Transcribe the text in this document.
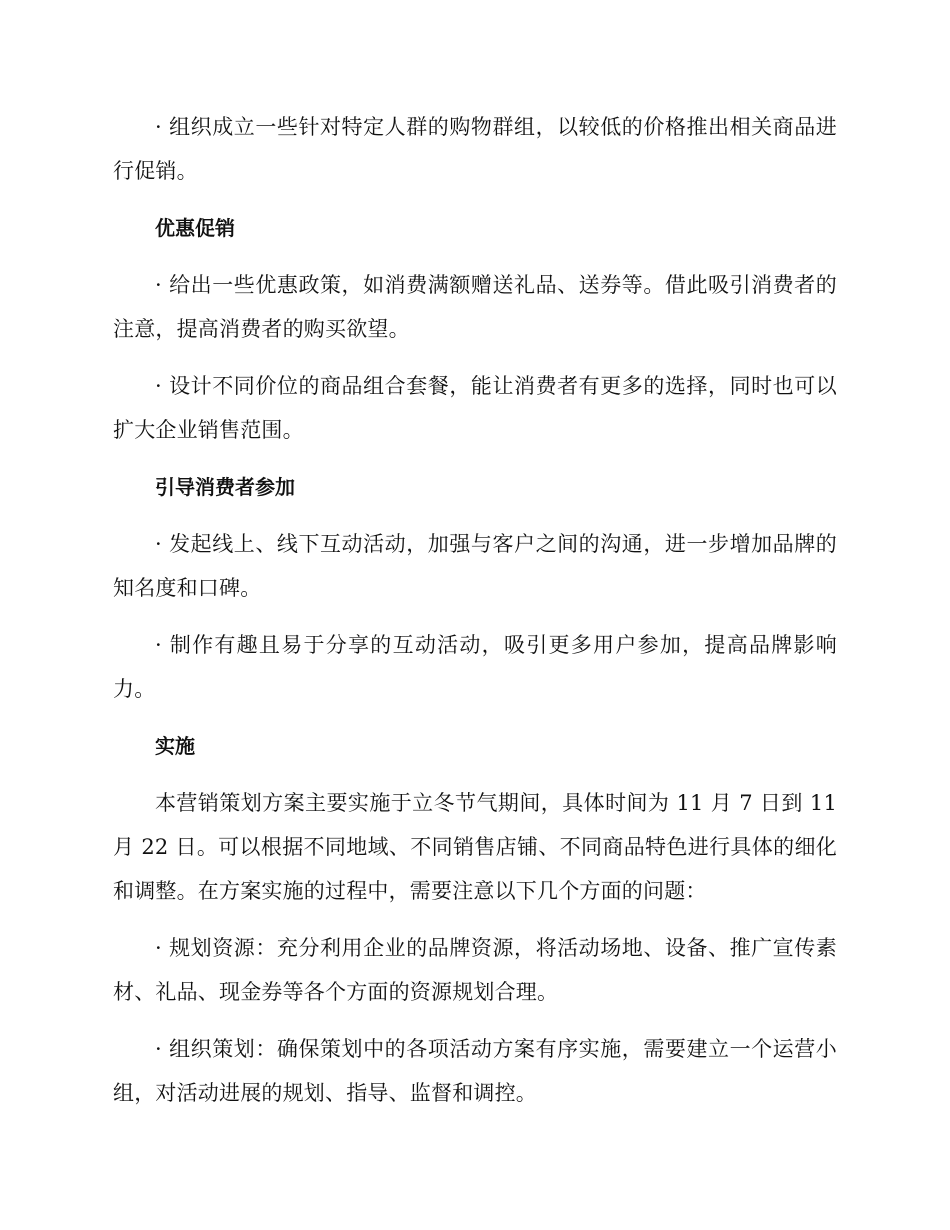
· 组织成立一些针对特定人群的购物群组，以较低的价格推出相关商品进行促销。

优惠促销

· 给出一些优惠政策，如消费满额赠送礼品、送券等。借此吸引消费者的注意，提高消费者的购买欲望。

· 设计不同价位的商品组合套餐，能让消费者有更多的选择，同时也可以扩大企业销售范围。

引导消费者参加

· 发起线上、线下互动活动，加强与客户之间的沟通，进一步增加品牌的知名度和口碑。

· 制作有趣且易于分享的互动活动，吸引更多用户参加，提高品牌影响力。

实施

本营销策划方案主要实施于立冬节气期间，具体时间为 11 月 7 日到 11 月 22 日。可以根据不同地域、不同销售店铺、不同商品特色进行具体的细化和调整。在方案实施的过程中，需要注意以下几个方面的问题：

· 规划资源：充分利用企业的品牌资源，将活动场地、设备、推广宣传素材、礼品、现金券等各个方面的资源规划合理。

· 组织策划：确保策划中的各项活动方案有序实施，需要建立一个运营小组，对活动进展的规划、指导、监督和调控。
